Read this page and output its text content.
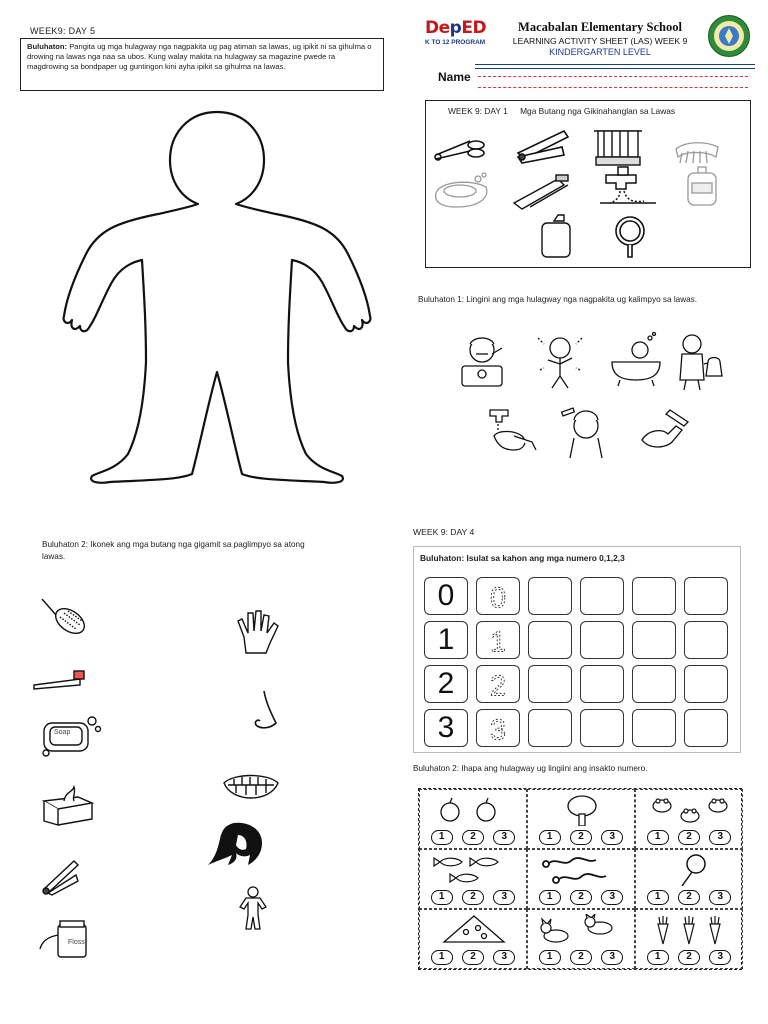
WEEK9: DAY 5
Buluhaton: Pangita ug mga hulagway nga nagpakita ug pag atiman sa lawas, ug ipikit ni sa gihulma o drowing na lawas nga naa sa ubos. Kung walay makita na hulagway sa magazine pwede ra magdrowing sa bondpaper ug guntingon kini ayha ipikit sa gihulma na lawas.
DepED
K TO 12 PROGRAM
Macabalan Elementary School
LEARNING ACTIVITY SHEET (LAS) WEEK 9
KINDERGARTEN LEVEL
Name
WEEK 9: DAY 1 Mga Butang nga Gikinahanglan sa Lawas
Buluhaton 1: Lingini ang mga hulagway nga nagpakita ug kalimpyo sa lawas.
Buluhaton 2: Ikonek ang mga butang nga gigamit sa paglimpyo sa atong lawas.
Soap
Floss
WEEK 9: DAY 4
Buluhaton: Isulat sa kahon ang mga numero 0,1,2,3
0	0
1	1
2	2
3	3
Buluhaton 2: Ihapa ang hulagway ug lingiini ang insakto numero.
1	2	3	1	2	3	1	2	3
1	2	3	1	2	3	1	2	3
1	2	3	1	2	3	1	2	3
